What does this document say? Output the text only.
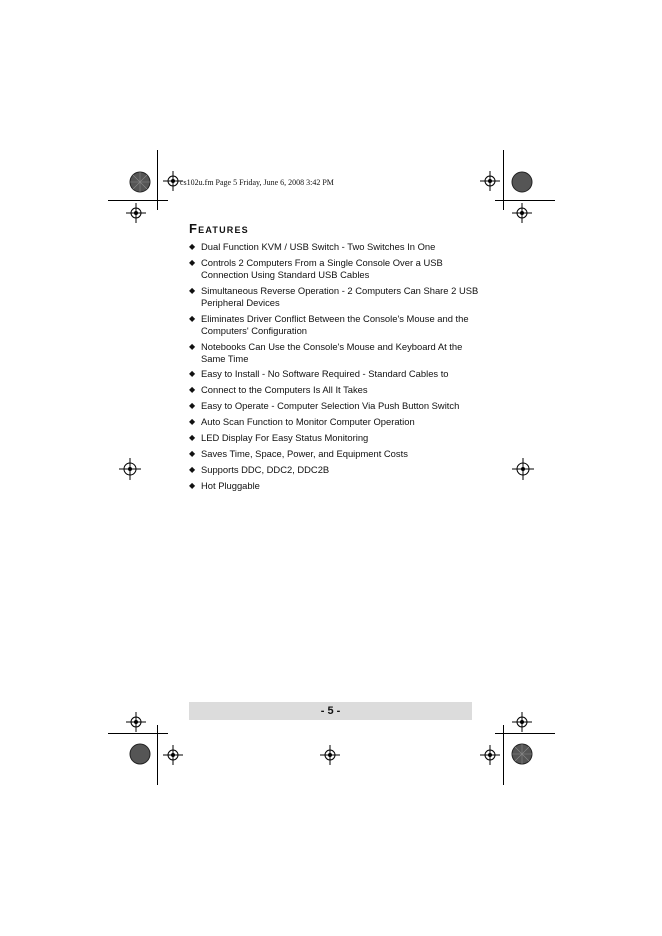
cs102u.fm Page 5 Friday, June 6, 2008 3:42 PM
Features
◆ Dual Function KVM / USB Switch - Two Switches In One
◆ Controls 2 Computers From a Single Console Over a USB Connection Using Standard USB Cables
◆ Simultaneous Reverse Operation - 2 Computers Can Share 2 USB Peripheral Devices
◆ Eliminates Driver Conflict Between the Console's Mouse and the Computers' Configuration
◆ Notebooks Can Use the Console's Mouse and Keyboard At the Same Time
◆ Easy to Install - No Software Required - Standard Cables to
◆ Connect to the Computers Is All It Takes
◆ Easy to Operate - Computer Selection Via Push Button Switch
◆ Auto Scan Function to Monitor Computer Operation
◆ LED Display For Easy Status Monitoring
◆ Saves Time, Space, Power, and Equipment Costs
◆ Supports DDC, DDC2, DDC2B
◆ Hot Pluggable
- 5 -
